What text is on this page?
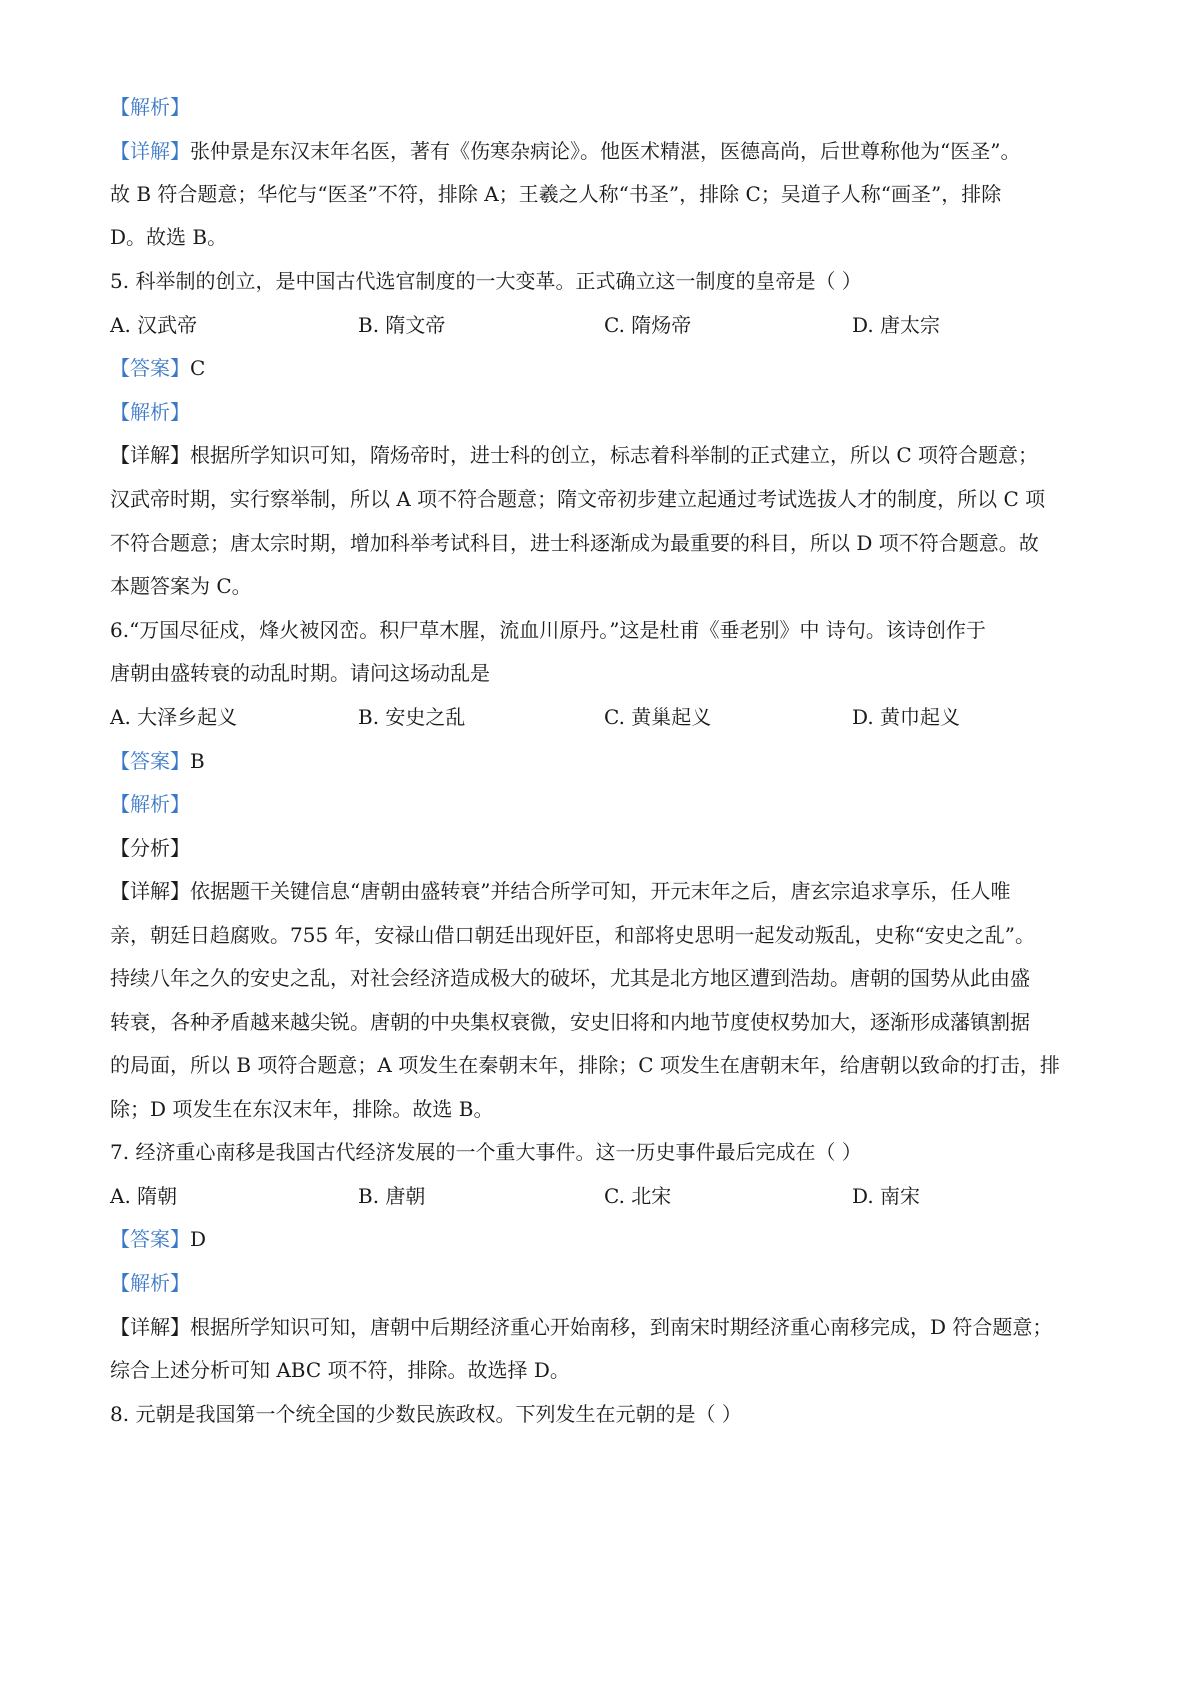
【解析】
【详解】张仲景是东汉末年名医，著有《伤寒杂病论》。他医术精湛，医德高尚，后世尊称他为“医圣”。
故 B 符合题意；华佗与“医圣”不符，排除 A；王羲之人称“书圣”，排除 C；吴道子人称“画圣”，排除
D。故选 B。
5. 科举制的创立，是中国古代选官制度的一大变革。正式确立这一制度的皇帝是（ ）
A. 汉武帝	B. 隋文帝	C. 隋炀帝	D. 唐太宗
【答案】C
【解析】
【详解】根据所学知识可知，隋炀帝时，进士科的创立，标志着科举制的正式建立，所以 C 项符合题意；
汉武帝时期，实行察举制，所以 A 项不符合题意；隋文帝初步建立起通过考试选拔人才的制度，所以 C 项
不符合题意；唐太宗时期，增加科举考试科目，进士科逐渐成为最重要的科目，所以 D 项不符合题意。故
本题答案为 C。
6.“万国尽征戍，烽火被冈峦。积尸草木腥，流血川原丹。”这是杜甫《垂老别》中 诗句。该诗创作于
唐朝由盛转衰的动乱时期。请问这场动乱是
A. 大泽乡起义	B. 安史之乱	C. 黄巢起义	D. 黄巾起义
【答案】B
【解析】
【分析】
【详解】依据题干关键信息“唐朝由盛转衰”并结合所学可知，开元末年之后，唐玄宗追求享乐，任人唯
亲，朝廷日趋腐败。755 年，安禄山借口朝廷出现奸臣，和部将史思明一起发动叛乱，史称“安史之乱”。
持续八年之久的安史之乱，对社会经济造成极大的破坏，尤其是北方地区遭到浩劫。唐朝的国势从此由盛
转衰，各种矛盾越来越尖锐。唐朝的中央集权衰微，安史旧将和内地节度使权势加大，逐渐形成藩镇割据
的局面，所以 B 项符合题意；A 项发生在秦朝末年，排除；C 项发生在唐朝末年，给唐朝以致命的打击，排
除；D 项发生在东汉末年，排除。故选 B。
7. 经济重心南移是我国古代经济发展的一个重大事件。这一历史事件最后完成在（ ）
A. 隋朝	B. 唐朝	C. 北宋	D. 南宋
【答案】D
【解析】
【详解】根据所学知识可知，唐朝中后期经济重心开始南移，到南宋时期经济重心南移完成，D 符合题意；
综合上述分析可知 ABC 项不符，排除。故选择 D。
8. 元朝是我国第一个统全国的少数民族政权。下列发生在元朝的是（ ）
